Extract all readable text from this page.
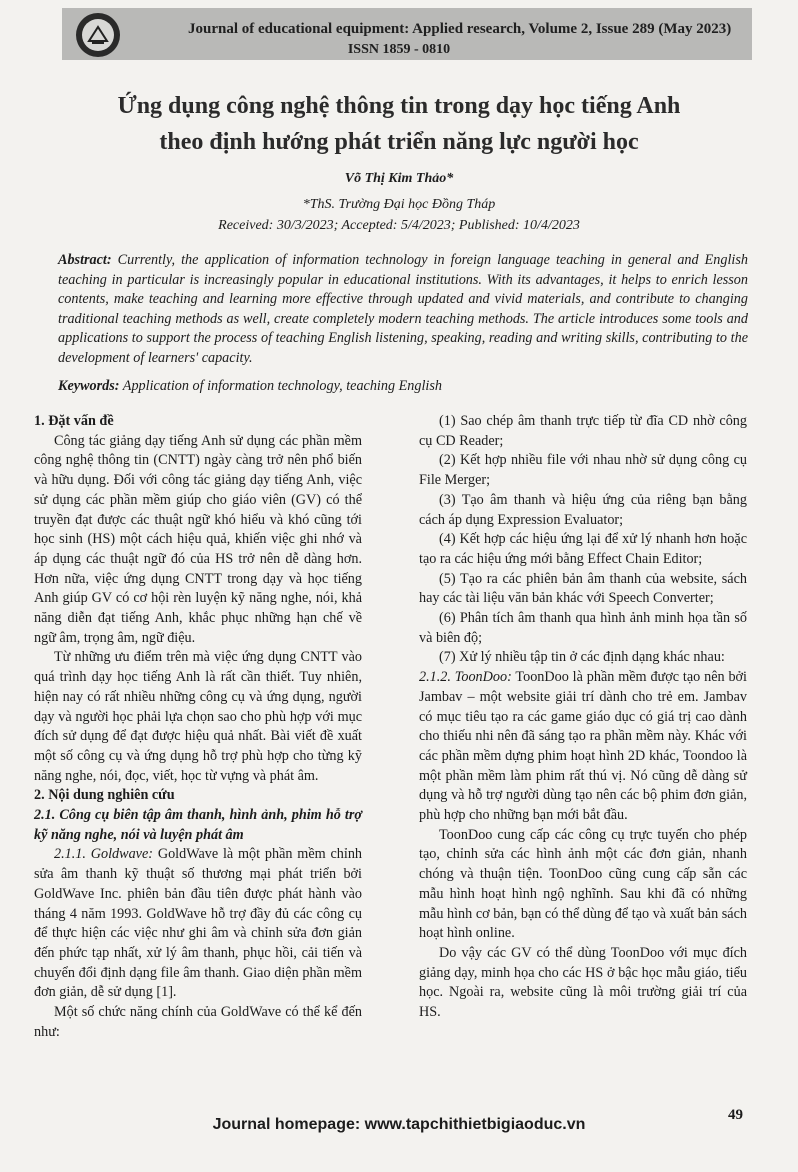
Journal of educational equipment: Applied research, Volume 2, Issue 289 (May 2023)
ISSN 1859 - 0810
Ứng dụng công nghệ thông tin trong dạy học tiếng Anh
theo định hướng phát triển năng lực người học
Võ Thị Kim Thảo*
*ThS. Trường Đại học Đồng Tháp
Received: 30/3/2023; Accepted: 5/4/2023; Published: 10/4/2023
Abstract: Currently, the application of information technology in foreign language teaching in general and English teaching in particular is increasingly popular in educational institutions. With its advantages, it helps to enrich lesson contents, make teaching and learning more effective through updated and vivid materials, and contribute to changing traditional teaching methods as well, create completely modern teaching methods. The article introduces some tools and applications to support the process of teaching English listening, speaking, reading and writing skills, contributing to the development of learners' capacity.
Keywords: Application of information technology, teaching English

1. Đặt vấn đề

Công tác giảng dạy tiếng Anh sử dụng các phần mềm công nghệ thông tin (CNTT) ngày càng trở nên phổ biến và hữu dụng. Đối với công tác giảng dạy tiếng Anh, việc sử dụng các phần mềm giúp cho giáo viên (GV) có thể truyền đạt được các thuật ngữ khó hiểu và khó cũng tới học sinh (HS) một cách hiệu quả, khiến việc ghi nhớ và áp dụng các thuật ngữ đó của HS trở nên dễ dàng hơn. Hơn nữa, việc ứng dụng CNTT trong dạy và học tiếng Anh giúp GV có cơ hội rèn luyện kỹ năng nghe, nói, khả năng diễn đạt tiếng Anh, khắc phục những hạn chế về ngữ âm, trọng âm, ngữ điệu.

Từ những ưu điểm trên mà việc ứng dụng CNTT vào quá trình dạy học tiếng Anh là rất cần thiết. Tuy nhiên, hiện nay có rất nhiều những công cụ và ứng dụng, người dạy và người học phải lựa chọn sao cho phù hợp với mục đích sử dụng để đạt được hiệu quả nhất. Bài viết đề xuất một số công cụ và ứng dụng hỗ trợ phù hợp cho từng kỹ năng nghe, nói, đọc, viết, học từ vựng và phát âm.

2. Nội dung nghiên cứu

2.1. Công cụ biên tập âm thanh, hình ảnh, phim hỗ trợ kỹ năng nghe, nói và luyện phát âm

2.1.1. Goldwave: GoldWave là một phần mềm chỉnh sửa âm thanh kỹ thuật số thương mại phát triển bởi GoldWave Inc. phiên bản đầu tiên được phát hành vào tháng 4 năm 1993. GoldWave hỗ trợ đầy đủ các công cụ để thực hiện các việc như ghi âm và chỉnh sửa đơn giản đến phức tạp nhất, xử lý âm thanh, phục hồi, cải tiến và chuyển đổi định dạng file âm thanh. Giao diện phần mềm đơn giản, dễ sử dụng [1].

Một số chức năng chính của GoldWave có thể kể đến như:

(1) Sao chép âm thanh trực tiếp từ đĩa CD nhờ công cụ CD Reader;

(2) Kết hợp nhiều file với nhau nhờ sử dụng công cụ File Merger;

(3) Tạo âm thanh và hiệu ứng của riêng bạn bằng cách áp dụng Expression Evaluator;

(4) Kết hợp các hiệu ứng lại để xử lý nhanh hơn hoặc tạo ra các hiệu ứng mới bằng Effect Chain Editor;

(5) Tạo ra các phiên bản âm thanh của website, sách hay các tài liệu văn bản khác với Speech Converter;

(6) Phân tích âm thanh qua hình ảnh minh họa tần số và biên độ;

(7) Xử lý nhiều tập tin ở các định dạng khác nhau:

2.1.2. ToonDoo: ToonDoo là phần mềm được tạo nên bởi Jambav – một website giải trí dành cho trẻ em. Jambav có mục tiêu tạo ra các game giáo dục có giá trị cao dành cho thiếu nhi nên đã sáng tạo ra phần mềm này. Khác với các phần mềm dựng phim hoạt hình 2D khác, Toondoo là một phần mềm làm phim rất thú vị. Nó cũng dễ dàng sử dụng và hỗ trợ người dùng tạo nên các bộ phim đơn giản, phù hợp cho những bạn mới bắt đầu.

ToonDoo cung cấp các công cụ trực tuyến cho phép tạo, chỉnh sửa các hình ảnh một các đơn giản, nhanh chóng và thuận tiện. ToonDoo cũng cung cấp sẵn các mẫu hình hoạt hình ngộ nghĩnh. Sau khi đã có những mẫu hình cơ bản, bạn có thể dùng để tạo và xuất bản sách hoạt hình online.

Do vậy các GV có thể dùng ToonDoo với mục đích giảng dạy, minh họa cho các HS ở bậc học mẫu giáo, tiểu học. Ngoài ra, website cũng là môi trường giải trí của HS.

Journal homepage: www.tapchithietbigiaoduc.vn
49
